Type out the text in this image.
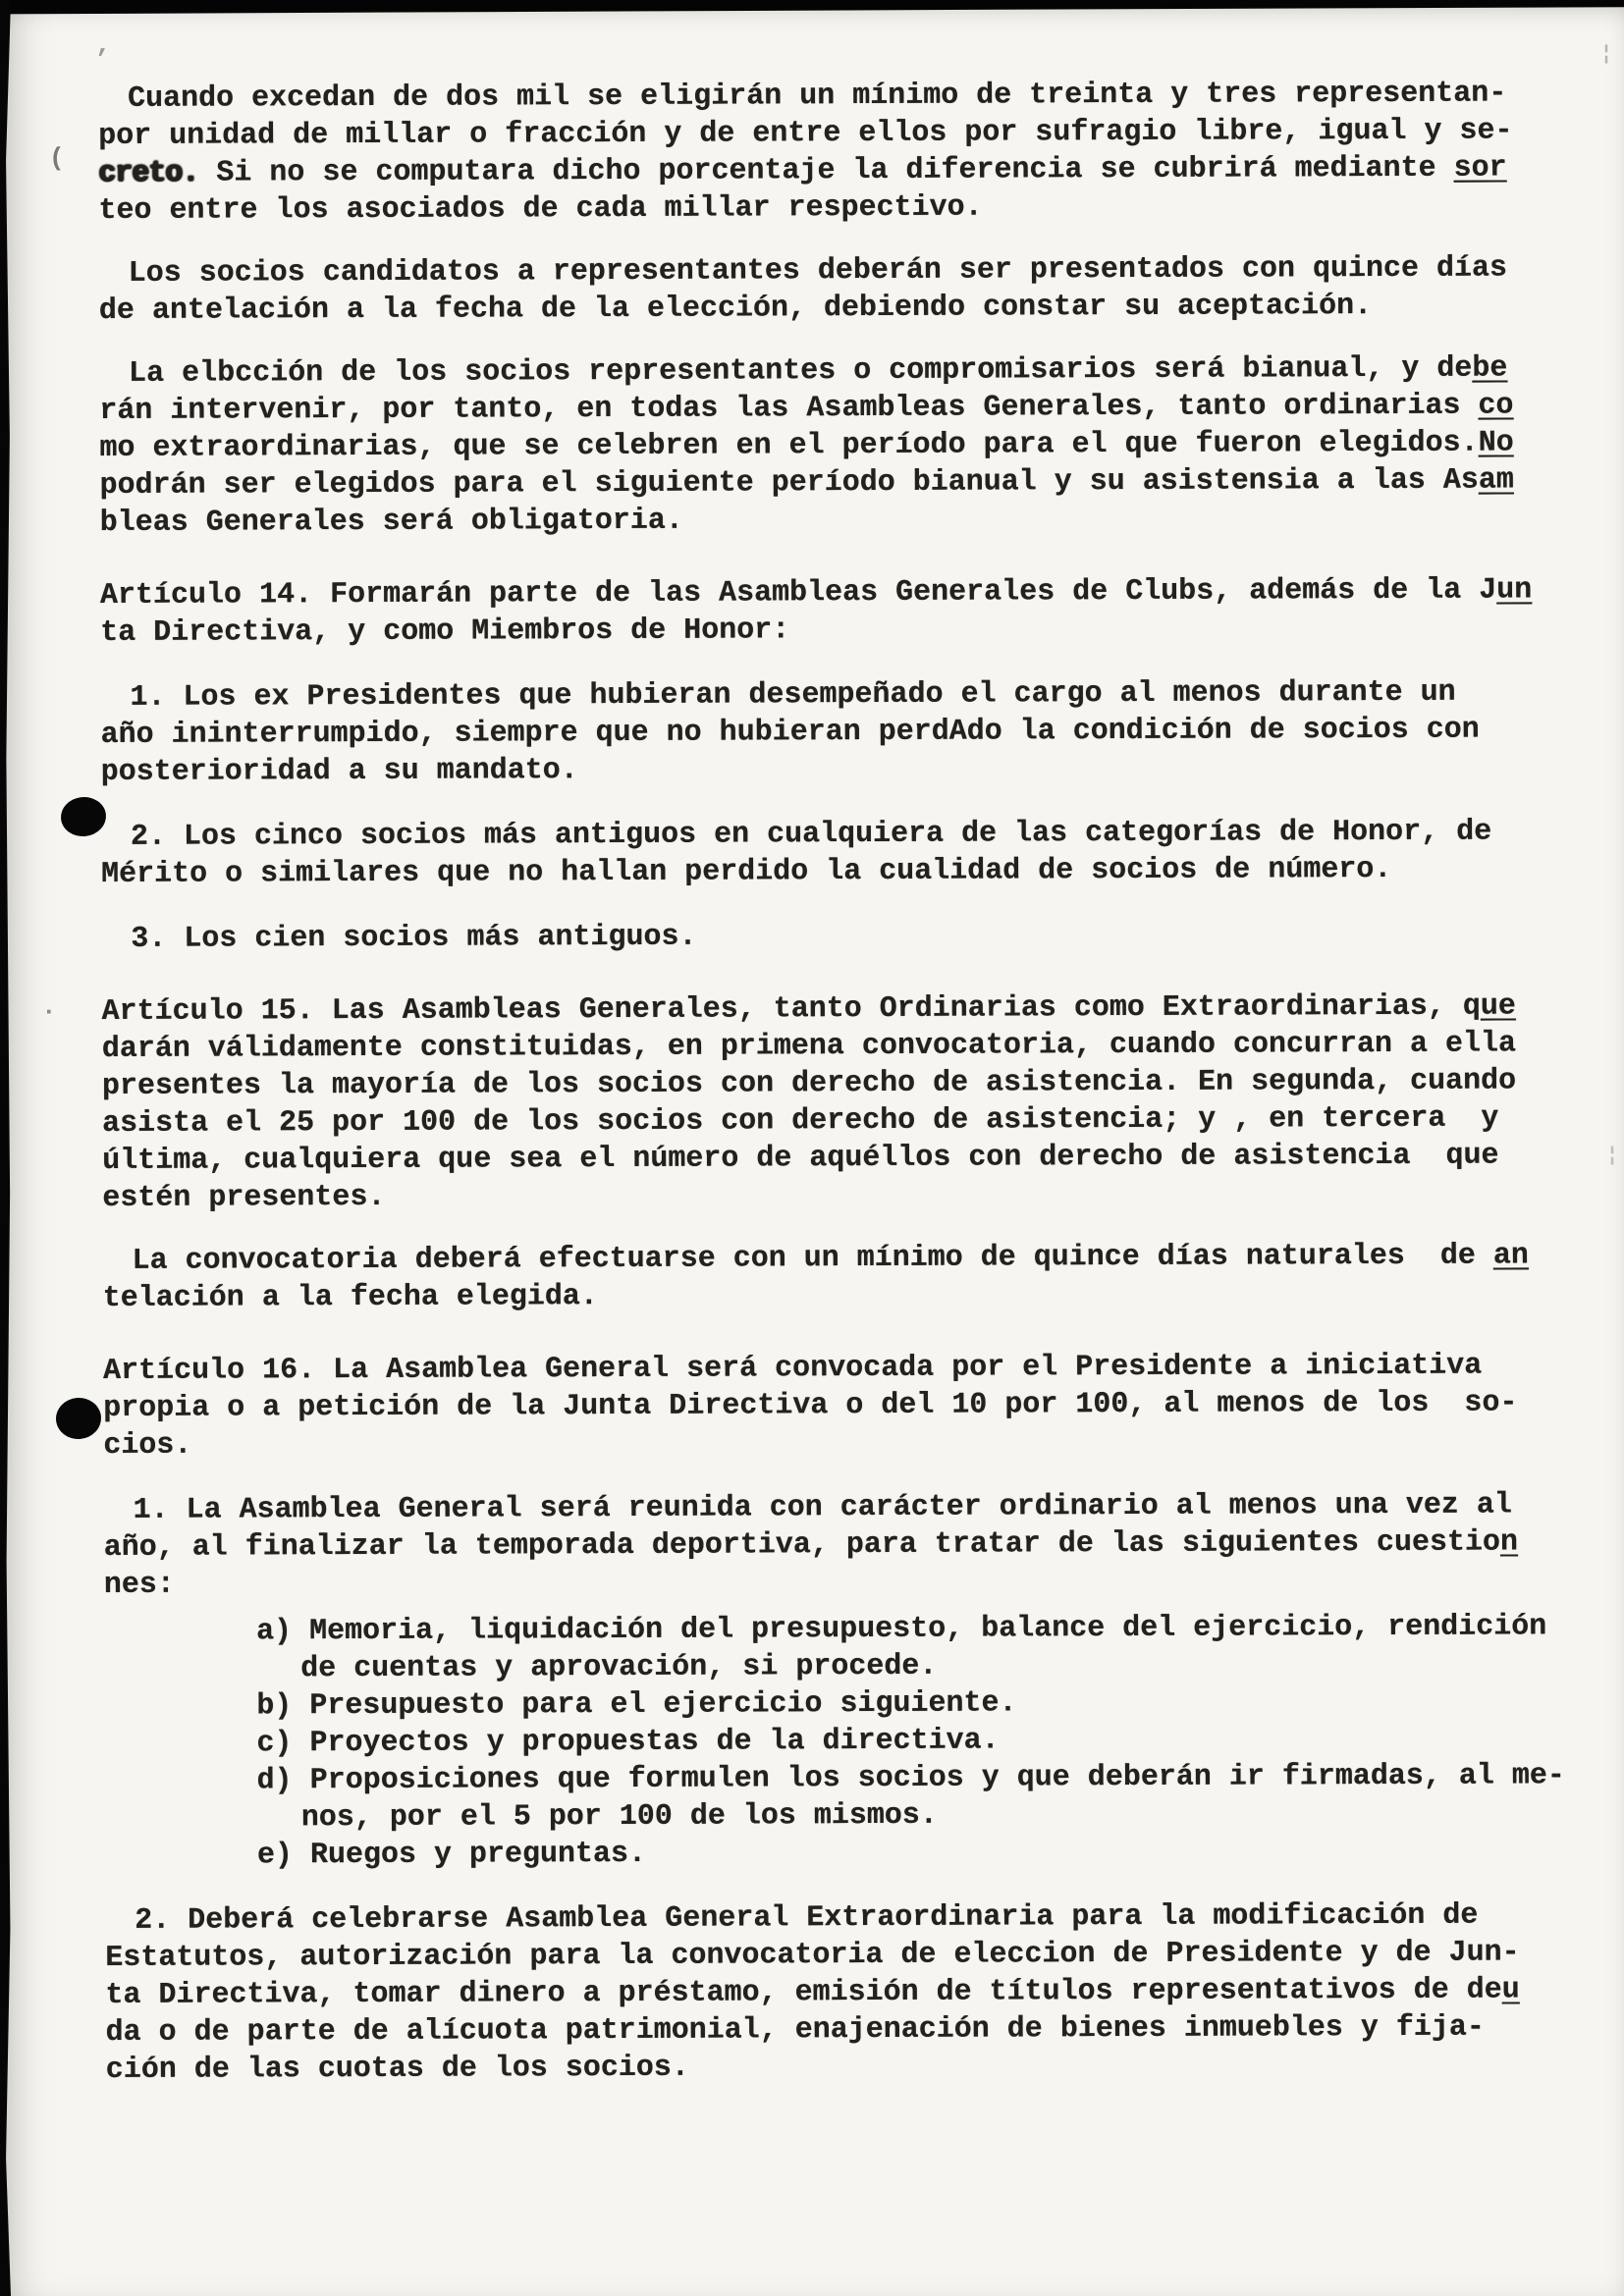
Cuando excedan de dos mil se eligirán un mínimo de treinta y tres representan-
por unidad de millar o fracción y de entre ellos por sufragio libre, igual y se-
creto. Si no se computara dicho porcentaje la diferencia se cubrirá mediante sor
teo entre los asociados de cada millar respectivo.
Los socios candidatos a representantes deberán ser presentados con quince días
de antelación a la fecha de la elección, debiendo constar su aceptación.
La elbcción de los socios representantes o compromisarios será bianual, y debe
rán intervenir, por tanto, en todas las Asambleas Generales, tanto ordinarias co
mo extraordinarias, que se celebren en el período para el que fueron elegidos.No
podrán ser elegidos para el siguiente período bianual y su asistensia a las Asam
bleas Generales será obligatoria.
Artículo 14. Formarán parte de las Asambleas Generales de Clubs, además de la Jun
ta Directiva, y como Miembros de Honor:
1. Los ex Presidentes que hubieran desempeñado el cargo al menos durante un
año ininterrumpido, siempre que no hubieran perdAdo la condición de socios con
posterioridad a su mandato.
2. Los cinco socios más antiguos en cualquiera de las categorías de Honor, de
Mérito o similares que no hallan perdido la cualidad de socios de número.
3. Los cien socios más antiguos.
Artículo 15. Las Asambleas Generales, tanto Ordinarias como Extraordinarias, que
darán válidamente constituidas, en primena convocatoria, cuando concurran a ella
presentes la mayoría de los socios con derecho de asistencia. En segunda, cuando
asista el 25 por 100 de los socios con derecho de asistencia; y , en tercera  y
última, cualquiera que sea el número de aquéllos con derecho de asistencia  que
estén presentes.
La convocatoria deberá efectuarse con un mínimo de quince días naturales  de an
telación a la fecha elegida.
Artículo 16. La Asamblea General será convocada por el Presidente a iniciativa
propia o a petición de la Junta Directiva o del 10 por 100, al menos de los  so-
cios.
1. La Asamblea General será reunida con carácter ordinario al menos una vez al
año, al finalizar la temporada deportiva, para tratar de las siguientes cuestion
nes:
a) Memoria, liquidación del presupuesto, balance del ejercicio, rendición
de cuentas y aprovación, si procede.
b) Presupuesto para el ejercicio siguiente.
c) Proyectos y propuestas de la directiva.
d) Proposiciones que formulen los socios y que deberán ir firmadas, al me-
nos, por el 5 por 100 de los mismos.
e) Ruegos y preguntas.
2. Deberá celebrarse Asamblea General Extraordinaria para la modificación de
Estatutos, autorización para la convocatoria de eleccion de Presidente y de Jun-
ta Directiva, tomar dinero a préstamo, emisión de títulos representativos de deu
da o de parte de alícuota patrimonial, enajenación de bienes inmuebles y fija-
ción de las cuotas de los socios.
’
(
·
¦
¦
